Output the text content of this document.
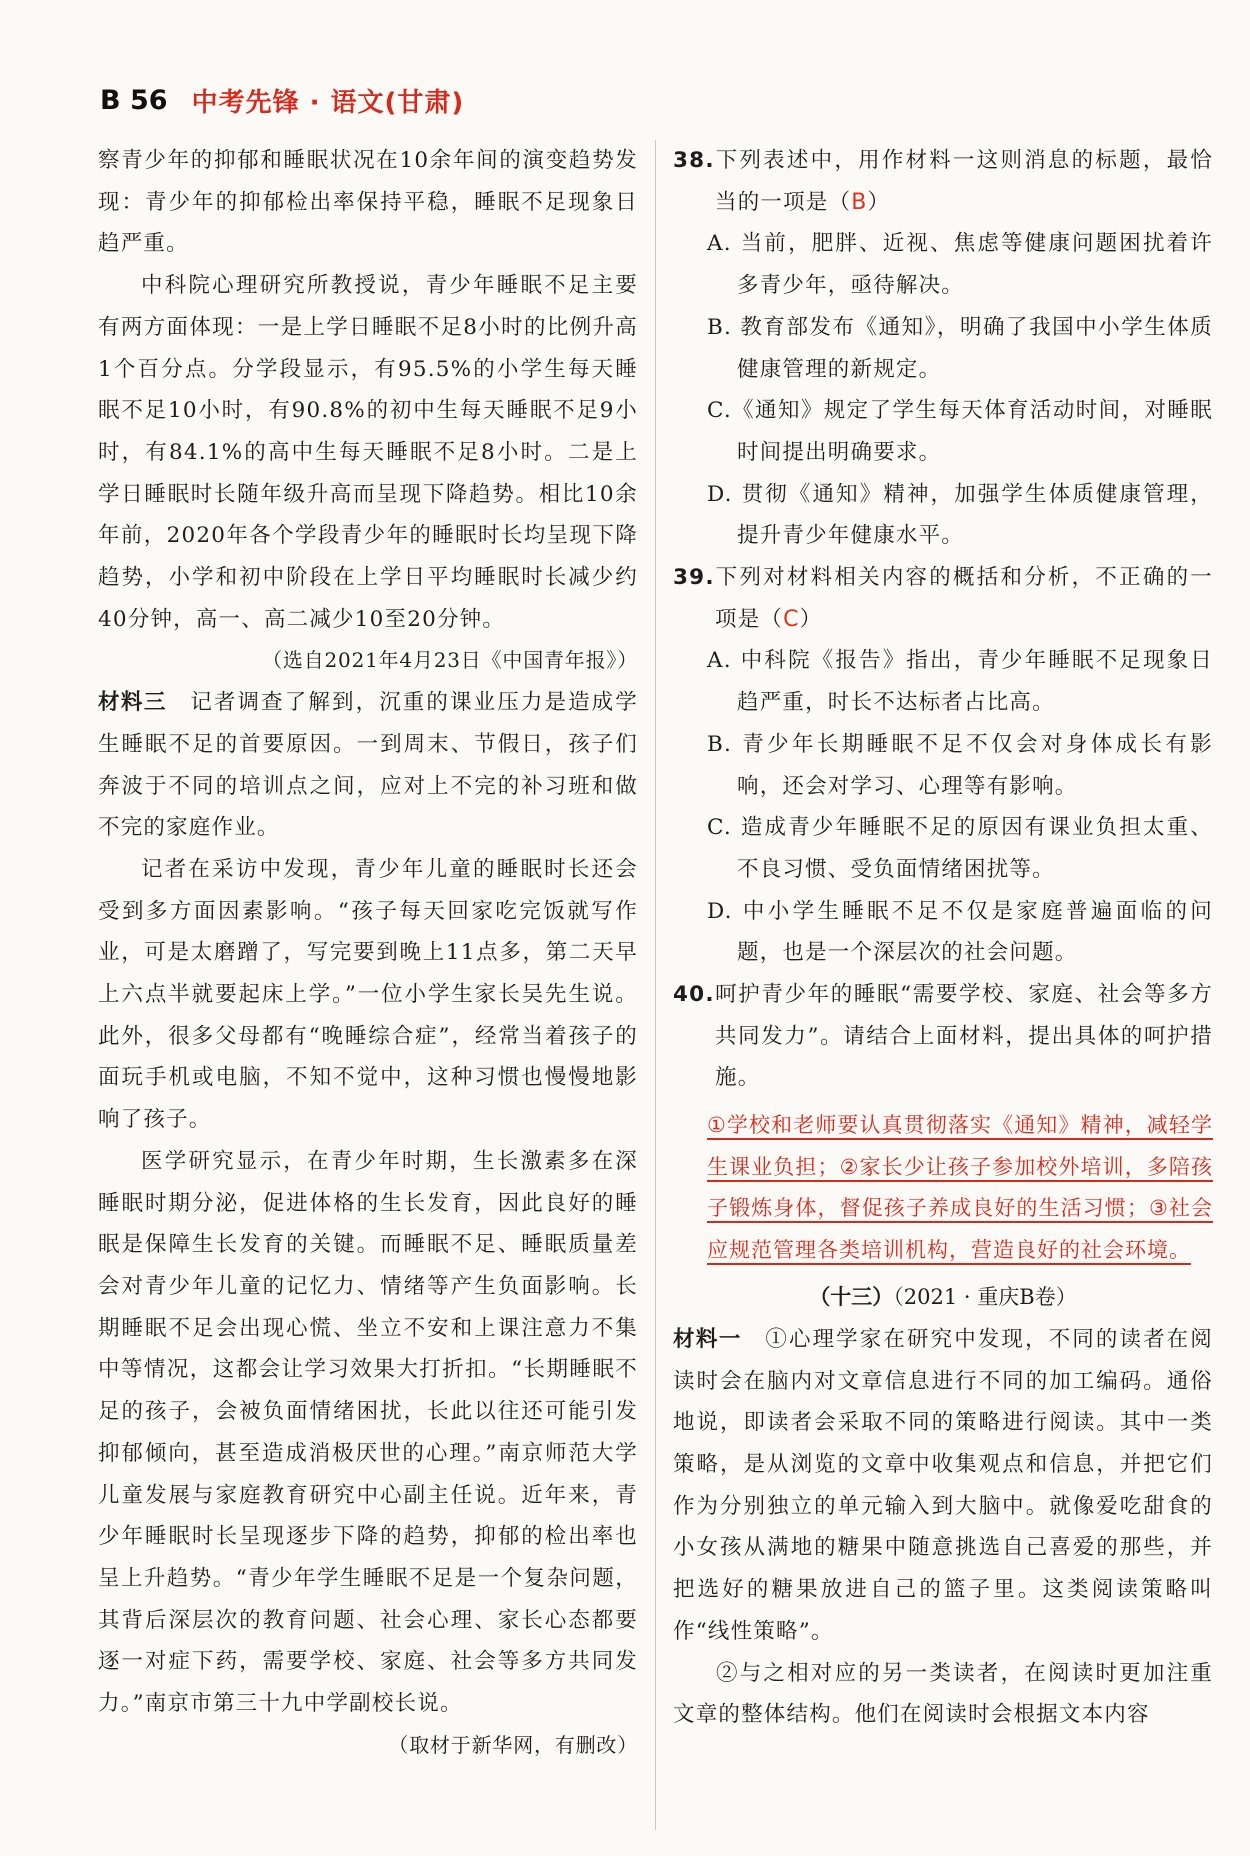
B 56 中考先锋 · 语文(甘肃)

察青少年的抑郁和睡眠状况在10余年间的演变趋势发现：青少年的抑郁检出率保持平稳，睡眠不足现象日趋严重。

中科院心理研究所教授说，青少年睡眠不足主要有两方面体现：一是上学日睡眠不足8小时的比例升高1个百分点。分学段显示，有95.5%的小学生每天睡眠不足10小时，有90.8%的初中生每天睡眠不足9小时，有84.1%的高中生每天睡眠不足8小时。二是上学日睡眠时长随年级升高而呈现下降趋势。相比10余年前，2020年各个学段青少年的睡眠时长均呈现下降趋势，小学和初中阶段在上学日平均睡眠时长减少约40分钟，高一、高二减少10至20分钟。

（选自2021年4月23日《中国青年报》）

材料三　记者调查了解到，沉重的课业压力是造成学生睡眠不足的首要原因。一到周末、节假日，孩子们奔波于不同的培训点之间，应对上不完的补习班和做不完的家庭作业。

记者在采访中发现，青少年儿童的睡眠时长还会受到多方面因素影响。“孩子每天回家吃完饭就写作业，可是太磨蹭了，写完要到晚上11点多，第二天早上六点半就要起床上学。”一位小学生家长吴先生说。此外，很多父母都有“晚睡综合症”，经常当着孩子的面玩手机或电脑，不知不觉中，这种习惯也慢慢地影响了孩子。

医学研究显示，在青少年时期，生长激素多在深睡眠时期分泌，促进体格的生长发育，因此良好的睡眠是保障生长发育的关键。而睡眠不足、睡眠质量差会对青少年儿童的记忆力、情绪等产生负面影响。长期睡眠不足会出现心慌、坐立不安和上课注意力不集中等情况，这都会让学习效果大打折扣。“长期睡眠不足的孩子，会被负面情绪困扰，长此以往还可能引发抑郁倾向，甚至造成消极厌世的心理。”南京师范大学儿童发展与家庭教育研究中心副主任说。近年来，青少年睡眠时长呈现逐步下降的趋势，抑郁的检出率也呈上升趋势。“青少年学生睡眠不足是一个复杂问题，其背后深层次的教育问题、社会心理、家长心态都要逐一对症下药，需要学校、家庭、社会等多方共同发力。”南京市第三十九中学副校长说。

（取材于新华网，有删改）

38.下列表述中，用作材料一这则消息的标题，最恰当的一项是（B）

A. 当前，肥胖、近视、焦虑等健康问题困扰着许多青少年，亟待解决。

B. 教育部发布《通知》，明确了我国中小学生体质健康管理的新规定。

C.《通知》规定了学生每天体育活动时间，对睡眠时间提出明确要求。

D. 贯彻《通知》精神，加强学生体质健康管理，提升青少年健康水平。

39.下列对材料相关内容的概括和分析，不正确的一项是（C）

A. 中科院《报告》指出，青少年睡眠不足现象日趋严重，时长不达标者占比高。

B. 青少年长期睡眠不足不仅会对身体成长有影响，还会对学习、心理等有影响。

C. 造成青少年睡眠不足的原因有课业负担太重、不良习惯、受负面情绪困扰等。

D. 中小学生睡眠不足不仅是家庭普遍面临的问题，也是一个深层次的社会问题。

40.呵护青少年的睡眠“需要学校、家庭、社会等多方共同发力”。请结合上面材料，提出具体的呵护措施。

①学校和老师要认真贯彻落实《通知》精神，减轻学生课业负担；②家长少让孩子参加校外培训，多陪孩子锻炼身体，督促孩子养成良好的生活习惯；③社会应规范管理各类培训机构，营造良好的社会环境。

（十三）（2021 · 重庆B卷）

材料一　①心理学家在研究中发现，不同的读者在阅读时会在脑内对文章信息进行不同的加工编码。通俗地说，即读者会采取不同的策略进行阅读。其中一类策略，是从浏览的文章中收集观点和信息，并把它们作为分别独立的单元输入到大脑中。就像爱吃甜食的小女孩从满地的糖果中随意挑选自己喜爱的那些，并把选好的糖果放进自己的篮子里。这类阅读策略叫作“线性策略”。

②与之相对应的另一类读者，在阅读时更加注重文章的整体结构。他们在阅读时会根据文本内容
